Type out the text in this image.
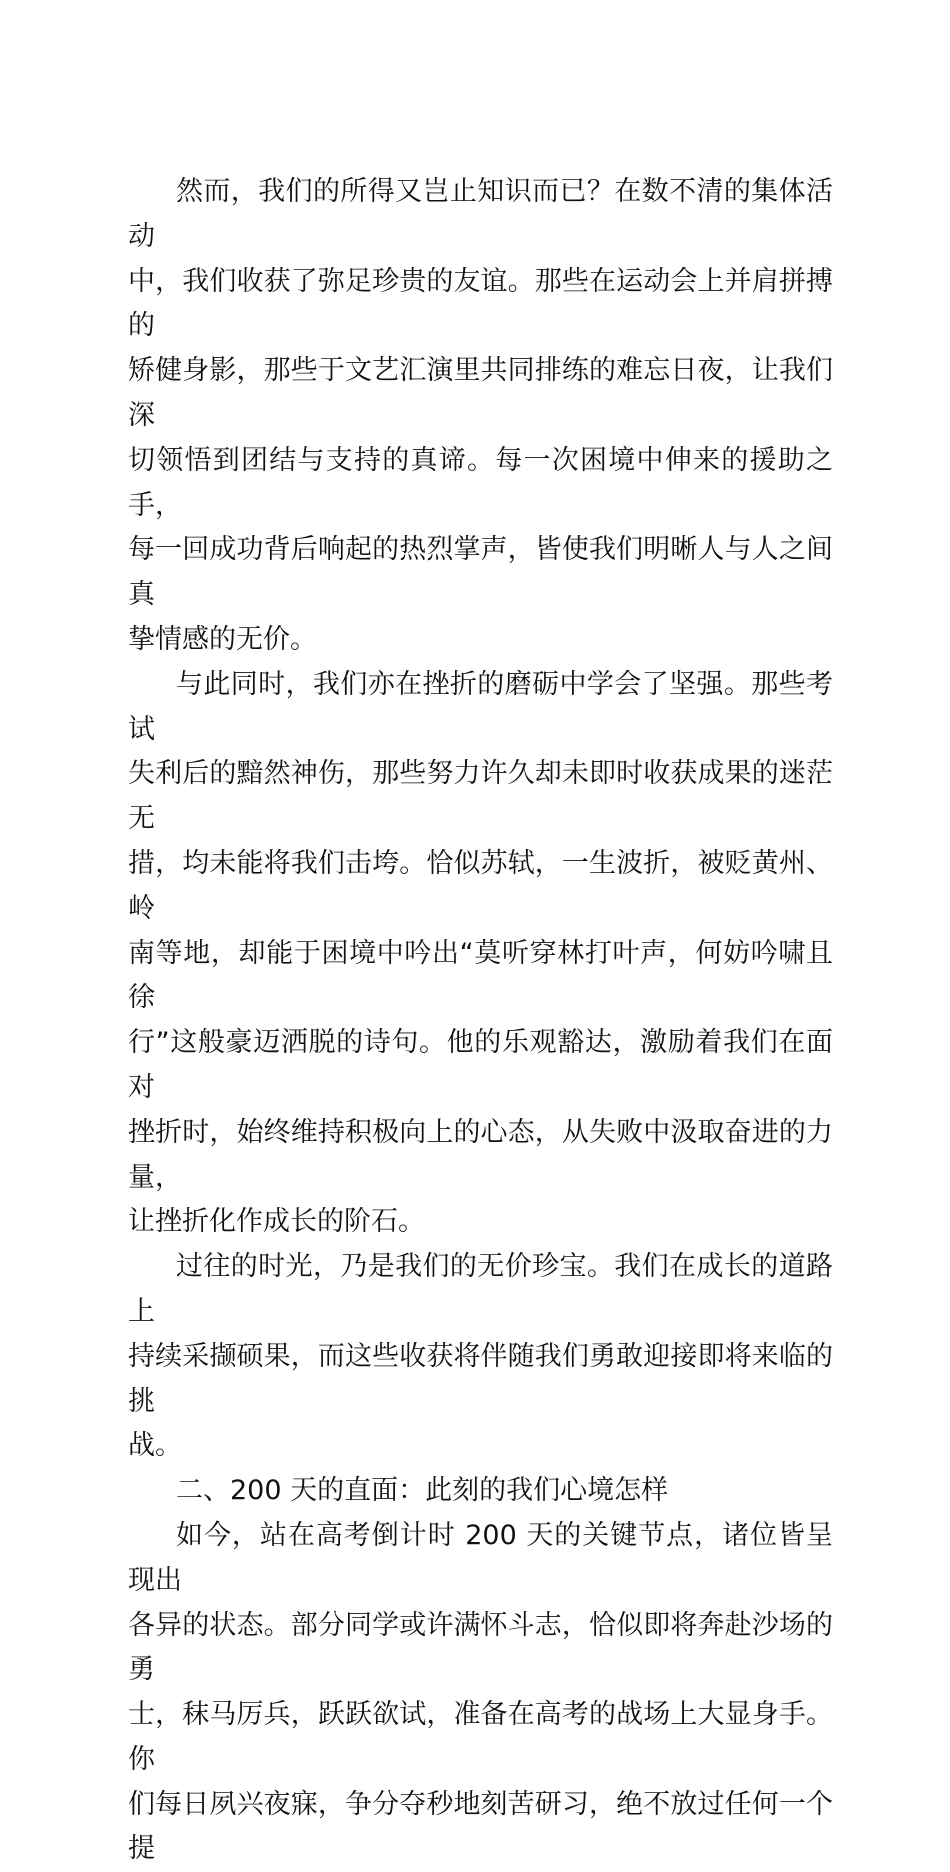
然而，我们的所得又岂止知识而已？在数不清的集体活动
中，我们收获了弥足珍贵的友谊。那些在运动会上并肩拼搏的
矫健身影，那些于文艺汇演里共同排练的难忘日夜，让我们深
切领悟到团结与支持的真谛。每一次困境中伸来的援助之手，
每一回成功背后响起的热烈掌声，皆使我们明晰人与人之间真
挚情感的无价。

与此同时，我们亦在挫折的磨砺中学会了坚强。那些考试
失利后的黯然神伤，那些努力许久却未即时收获成果的迷茫无
措，均未能将我们击垮。恰似苏轼，一生波折，被贬黄州、岭
南等地，却能于困境中吟出“莫听穿林打叶声，何妨吟啸且徐
行”这般豪迈洒脱的诗句。他的乐观豁达，激励着我们在面对
挫折时，始终维持积极向上的心态，从失败中汲取奋进的力量，
让挫折化作成长的阶石。

过往的时光，乃是我们的无价珍宝。我们在成长的道路上
持续采撷硕果，而这些收获将伴随我们勇敢迎接即将来临的挑
战。

二、200 天的直面：此刻的我们心境怎样

如今，站在高考倒计时 200 天的关键节点，诸位皆呈现出
各异的状态。部分同学或许满怀斗志，恰似即将奔赴沙场的勇
士，秣马厉兵，跃跃欲试，准备在高考的战场上大显身手。你
们每日夙兴夜寐，争分夺秒地刻苦研习，绝不放过任何一个提
